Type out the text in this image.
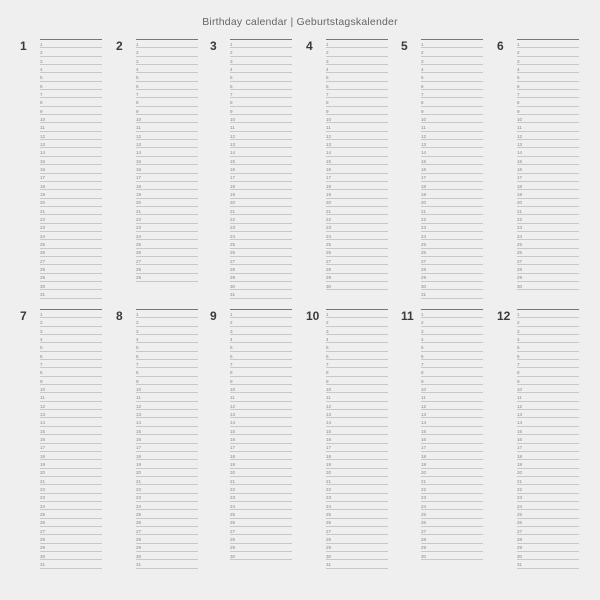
Birthday calendar | Geburtstagskalender
1	1
2
3
4
5
6
7
8
9
10
11
12
13
14
15
16
17
18
19
20
21
22
23
24
25
26
27
28
29
30
31
2	1
2
3
4
5
6
7
8
9
10
11
12
13
14
15
16
17
18
19
20
21
22
23
24
25
26
27
28
29
3	1
2
3
4
5
6
7
8
9
10
11
12
13
14
15
16
17
18
19
20
21
22
23
24
25
26
27
28
29
30
31
4	1
2
3
4
5
6
7
8
9
10
11
12
13
14
15
16
17
18
19
20
21
22
23
24
25
26
27
28
29
30
5	1
2
3
4
5
6
7
8
9
10
11
12
13
14
15
16
17
18
19
20
21
22
23
24
25
26
27
28
29
30
31
6	1
2
3
4
5
6
7
8
9
10
11
12
13
14
15
16
17
18
19
20
21
22
23
24
25
26
27
28
29
30
7	1
2
3
4
5
6
7
8
9
10
11
12
13
14
15
16
17
18
19
20
21
22
23
24
25
26
27
28
29
30
31
8	1
2
3
4
5
6
7
8
9
10
11
12
13
14
15
16
17
18
19
20
21
22
23
24
25
26
27
28
29
30
31
9	1
2
3
4
5
6
7
8
9
10
11
12
13
14
15
16
17
18
19
20
21
22
23
24
25
26
27
28
29
30
10 1
2
3
4
5
6
7
8
9
10
11
12
13
14
15
16
17
18
19
20
21
22
23
24
25
26
27
28
29
30
31
11 1
2
3
4
5
6
7
8
9
10
11
12
13
14
15
16
17
18
19
20
21
22
23
24
25
26
27
28
29
30
12 1
2
3
4
5
6
7
8
9
10
11
12
13
14
15
16
17
18
19
20
21
22
23
24
25
26
27
28
29
30
31
